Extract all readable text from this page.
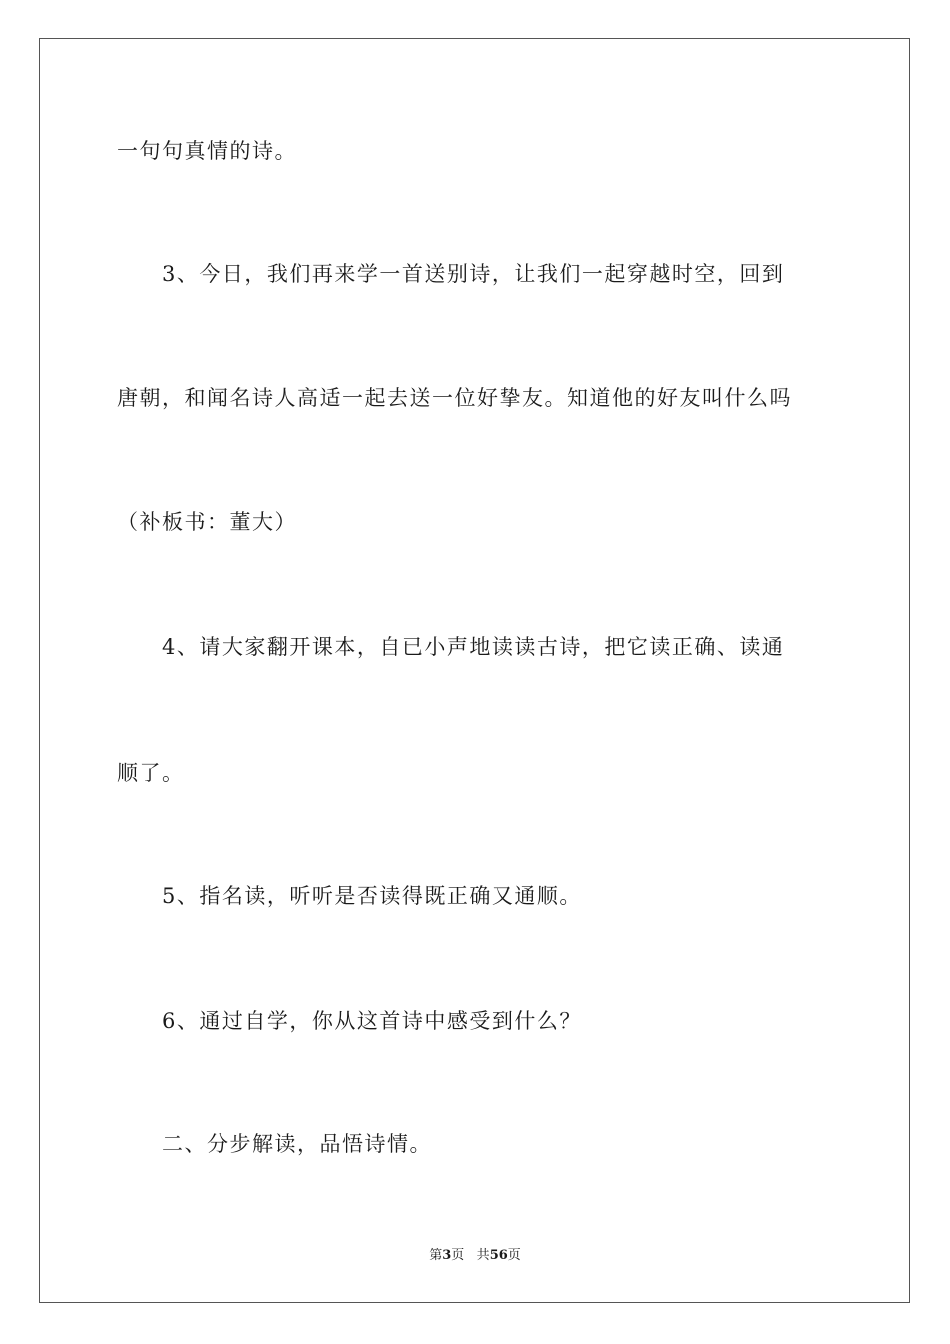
一句句真情的诗。

　　3、今日，我们再来学一首送别诗，让我们一起穿越时空，回到

唐朝，和闻名诗人高适一起去送一位好挚友。知道他的好友叫什么吗

（补板书：董大）

　　4、请大家翻开课本，自已小声地读读古诗，把它读正确、读通

顺了。

　　5、指名读，听听是否读得既正确又通顺。

　　6、通过自学，你从这首诗中感受到什么？

　　二、分步解读，品悟诗情。

第3页 共56页
